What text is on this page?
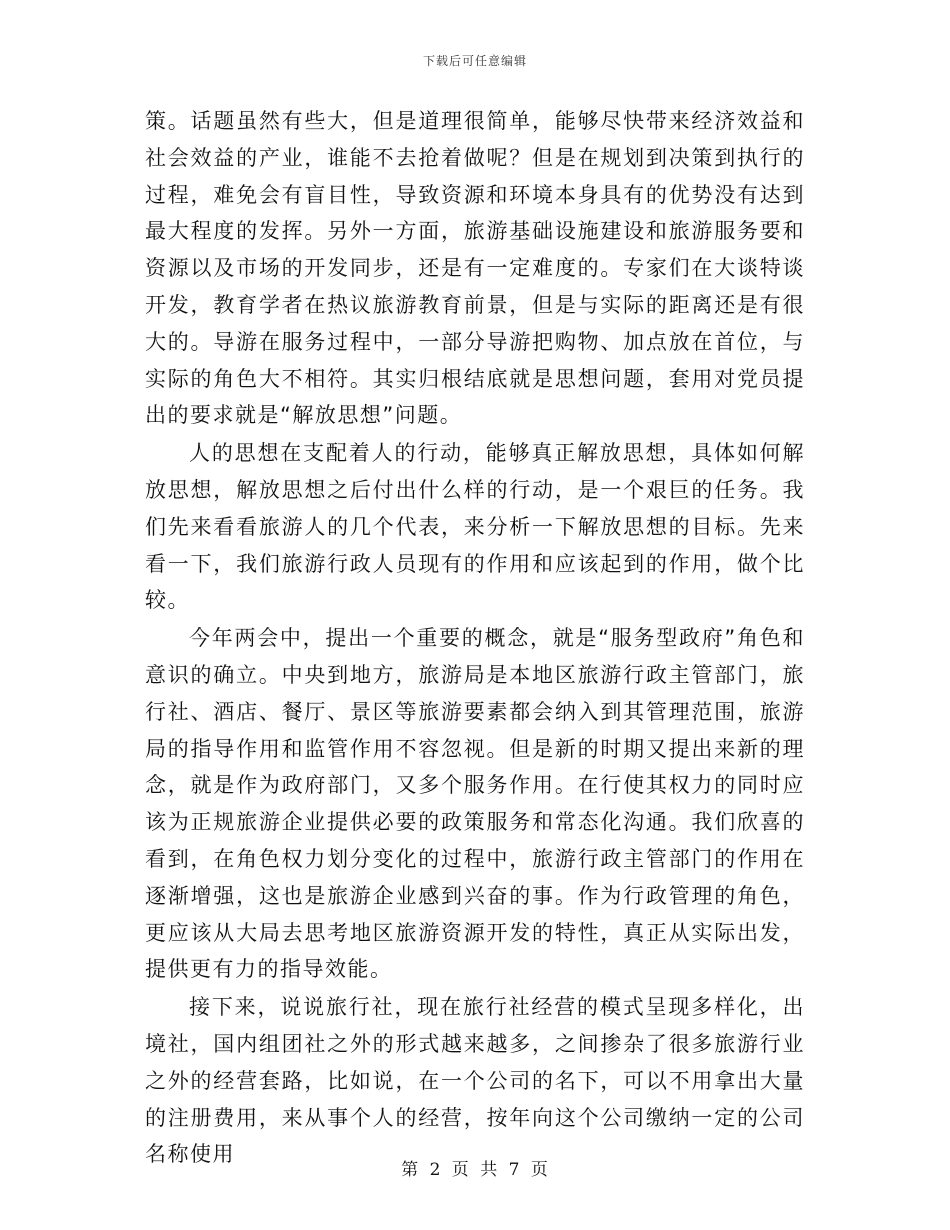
下载后可任意编辑

策。话题虽然有些大，但是道理很简单，能够尽快带来经济效益和社会效益的产业，谁能不去抢着做呢？但是在规划到决策到执行的过程，难免会有盲目性，导致资源和环境本身具有的优势没有达到最大程度的发挥。另外一方面，旅游基础设施建设和旅游服务要和资源以及市场的开发同步，还是有一定难度的。专家们在大谈特谈开发，教育学者在热议旅游教育前景，但是与实际的距离还是有很大的。导游在服务过程中，一部分导游把购物、加点放在首位，与实际的角色大不相符。其实归根结底就是思想问题，套用对党员提出的要求就是“解放思想”问题。

人的思想在支配着人的行动，能够真正解放思想，具体如何解放思想，解放思想之后付出什么样的行动，是一个艰巨的任务。我们先来看看旅游人的几个代表，来分析一下解放思想的目标。先来看一下，我们旅游行政人员现有的作用和应该起到的作用，做个比较。

今年两会中，提出一个重要的概念，就是“服务型政府”角色和意识的确立。中央到地方，旅游局是本地区旅游行政主管部门，旅行社、酒店、餐厅、景区等旅游要素都会纳入到其管理范围，旅游局的指导作用和监管作用不容忽视。但是新的时期又提出来新的理念，就是作为政府部门，又多个服务作用。在行使其权力的同时应该为正规旅游企业提供必要的政策服务和常态化沟通。我们欣喜的看到，在角色权力划分变化的过程中，旅游行政主管部门的作用在逐渐增强，这也是旅游企业感到兴奋的事。作为行政管理的角色，更应该从大局去思考地区旅游资源开发的特性，真正从实际出发，提供更有力的指导效能。

接下来，说说旅行社，现在旅行社经营的模式呈现多样化，出境社，国内组团社之外的形式越来越多，之间掺杂了很多旅游行业之外的经营套路，比如说，在一个公司的名下，可以不用拿出大量的注册费用，来从事个人的经营，按年向这个公司缴纳一定的公司名称使用

第 2 页 共 7 页
